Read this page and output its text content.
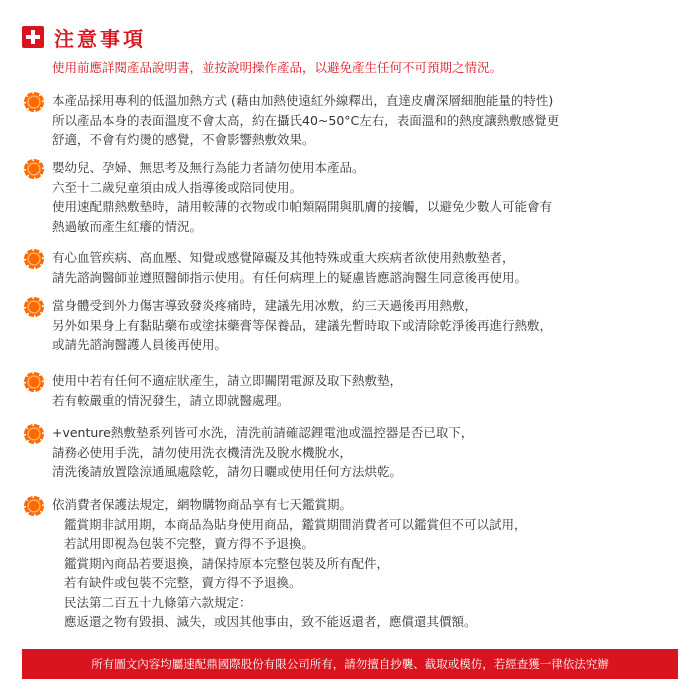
注意事項
使用前應詳閱產品說明書，並按說明操作產品，以避免產生任何不可預期之情況。
本產品採用專利的低溫加熱方式 (藉由加熱使遠紅外線釋出，直達皮膚深層細胞能量的特性)
所以產品本身的表面溫度不會太高，約在攝氏40~50°C左右，表面溫和的熱度讓熱敷感覺更
舒適，不會有灼燙的感覺，不會影響熱敷效果。
嬰幼兒、孕婦、無思考及無行為能力者請勿使用本產品。
六至十二歲兒童須由成人指導後或陪同使用。
使用速配鼎熱敷墊時，請用較薄的衣物或巾帕類隔開與肌膚的接觸，以避免少數人可能會有
熱過敏而產生紅癢的情況。
有心血管疾病、高血壓、知覺或感覺障礙及其他特殊或重大疾病者欲使用熱敷墊者，
請先諮詢醫師並遵照醫師指示使用。有任何病理上的疑慮皆應諮詢醫生同意後再使用。
當身體受到外力傷害導致發炎疼痛時，建議先用冰敷，約三天過後再用熱敷，
另外如果身上有黏貼藥布或塗抹藥膏等保養品，建議先暫時取下或清除乾淨後再進行熱敷，
或請先諮詢醫護人員後再使用。
使用中若有任何不適症狀產生，請立即關閉電源及取下熱敷墊，
若有較嚴重的情況發生，請立即就醫處理。
+venture熱敷墊系列皆可水洗，清洗前請確認鋰電池或溫控器是否已取下，
請務必使用手洗，請勿使用洗衣機清洗及脫水機脫水，
清洗後請放置陰涼通風處陰乾，請勿日曬或使用任何方法烘乾。
依消費者保護法規定，網物購物商品享有七天鑑賞期。
鑑賞期非試用期，本商品為貼身使用商品，鑑賞期間消費者可以鑑賞但不可以試用，
若試用即視為包裝不完整，賣方得不予退換。
鑑賞期內商品若要退換，請保持原本完整包裝及所有配件，
若有缺件或包裝不完整，賣方得不予退換。
民法第二百五十九條第六款規定：
應返還之物有毀損、滅失，或因其他事由，致不能返還者，應償還其價額。
所有圖文內容均屬速配鼎國際股份有限公司所有，請勿擅自抄襲、截取或模仿，若經查獲一律依法究辦
